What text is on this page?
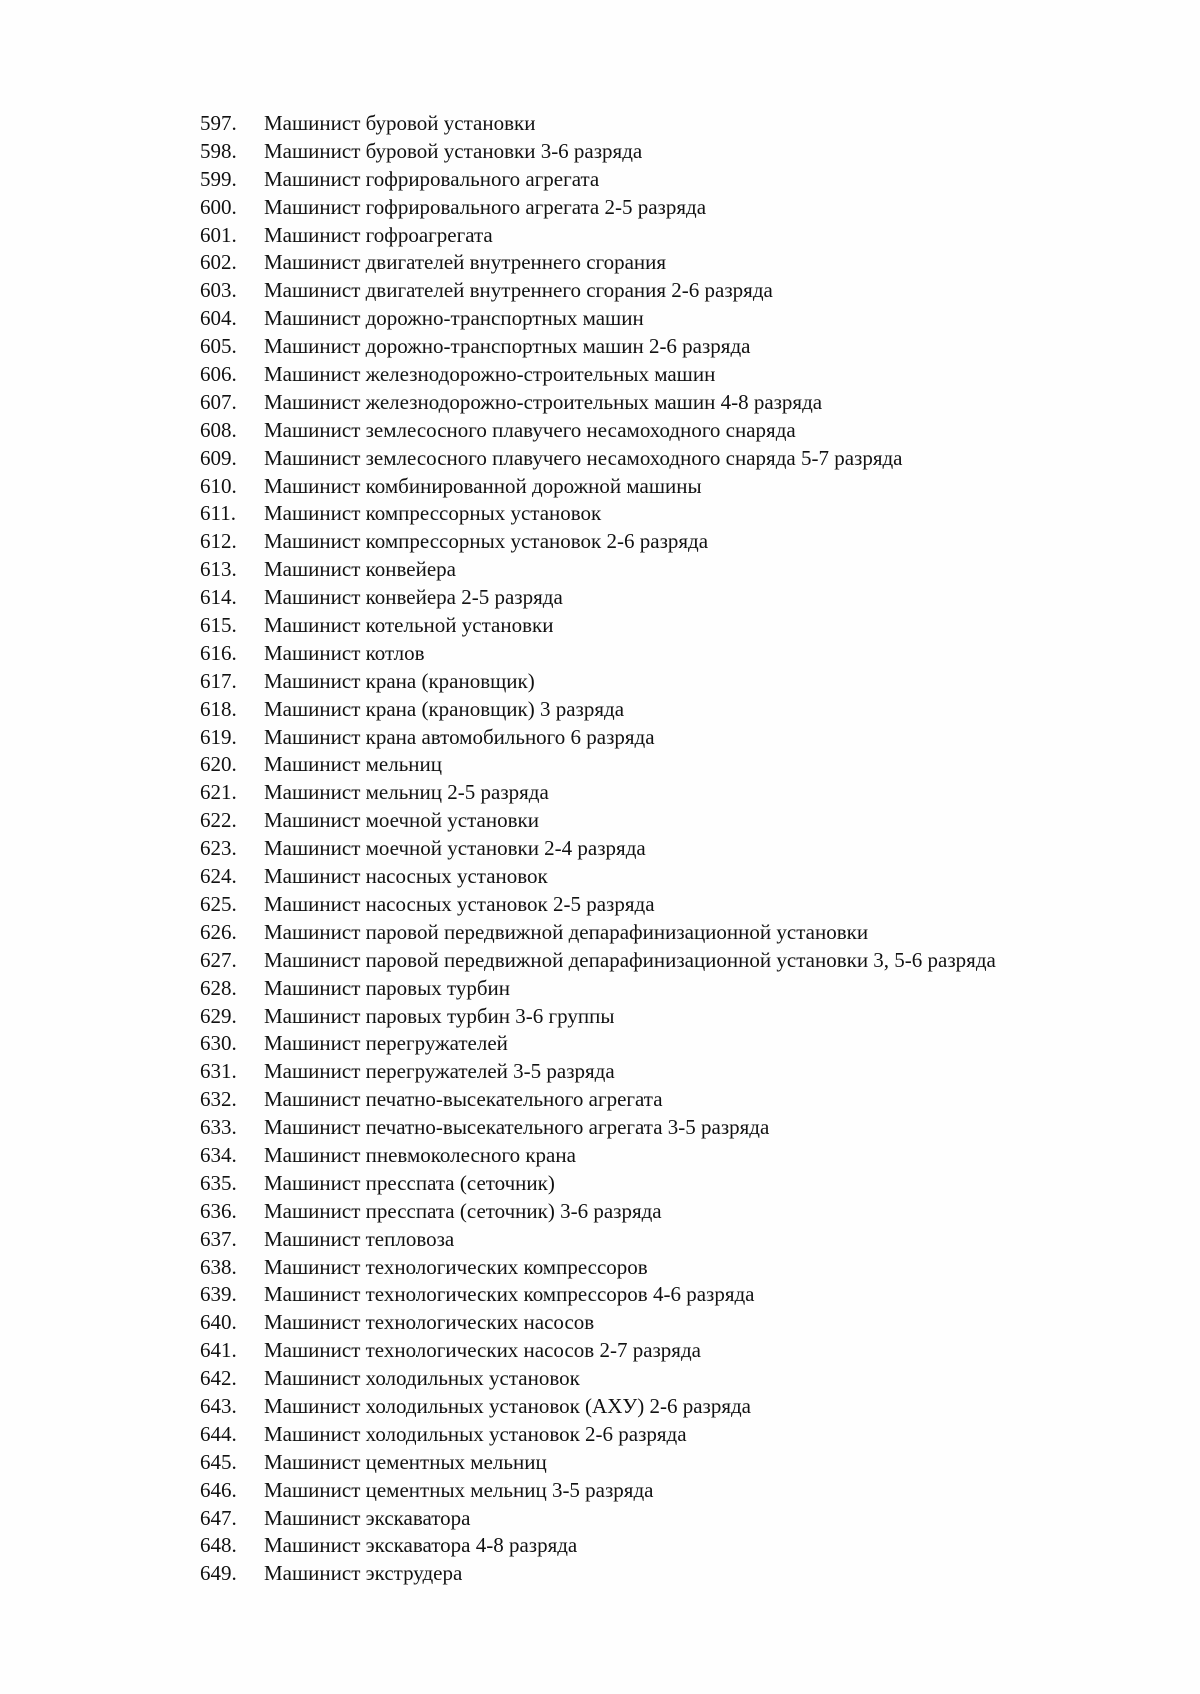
597.	Машинист буровой установки
598.	Машинист буровой установки 3-6 разряда
599.	Машинист гофрировального агрегата
600.	Машинист гофрировального агрегата 2-5 разряда
601.	Машинист гофроагрегата
602.	Машинист двигателей внутреннего сгорания
603.	Машинист двигателей внутреннего сгорания 2-6 разряда
604.	Машинист дорожно-транспортных машин
605.	Машинист дорожно-транспортных машин 2-6 разряда
606.	Машинист железнодорожно-строительных машин
607.	Машинист железнодорожно-строительных машин 4-8 разряда
608.	Машинист землесосного плавучего несамоходного снаряда
609.	Машинист землесосного плавучего несамоходного снаряда 5-7 разряда
610.	Машинист комбинированной дорожной машины
611.	Машинист компрессорных установок
612.	Машинист компрессорных установок 2-6 разряда
613.	Машинист конвейера
614.	Машинист конвейера 2-5 разряда
615.	Машинист котельной установки
616.	Машинист котлов
617.	Машинист крана (крановщик)
618.	Машинист крана (крановщик) 3 разряда
619.	Машинист крана автомобильного 6 разряда
620.	Машинист мельниц
621.	Машинист мельниц 2-5 разряда
622.	Машинист моечной установки
623.	Машинист моечной установки 2-4 разряда
624.	Машинист насосных установок
625.	Машинист насосных установок 2-5 разряда
626.	Машинист паровой передвижной депарафинизационной установки
627.	Машинист паровой передвижной депарафинизационной установки 3, 5-6 разряда
628.	Машинист паровых турбин
629.	Машинист паровых турбин 3-6 группы
630.	Машинист перегружателей
631.	Машинист перегружателей 3-5 разряда
632.	Машинист печатно-высекательного агрегата
633.	Машинист печатно-высекательного агрегата 3-5 разряда
634.	Машинист пневмоколесного крана
635.	Машинист пресспата (сеточник)
636.	Машинист пресспата (сеточник) 3-6 разряда
637.	Машинист тепловоза
638.	Машинист технологических компрессоров
639.	Машинист технологических компрессоров 4-6 разряда
640.	Машинист технологических насосов
641.	Машинист технологических насосов 2-7 разряда
642.	Машинист холодильных установок
643.	Машинист холодильных установок (АХУ) 2-6 разряда
644.	Машинист холодильных установок 2-6 разряда
645.	Машинист цементных мельниц
646.	Машинист цементных мельниц 3-5 разряда
647.	Машинист экскаватора
648.	Машинист экскаватора 4-8 разряда
649.	Машинист экструдера
